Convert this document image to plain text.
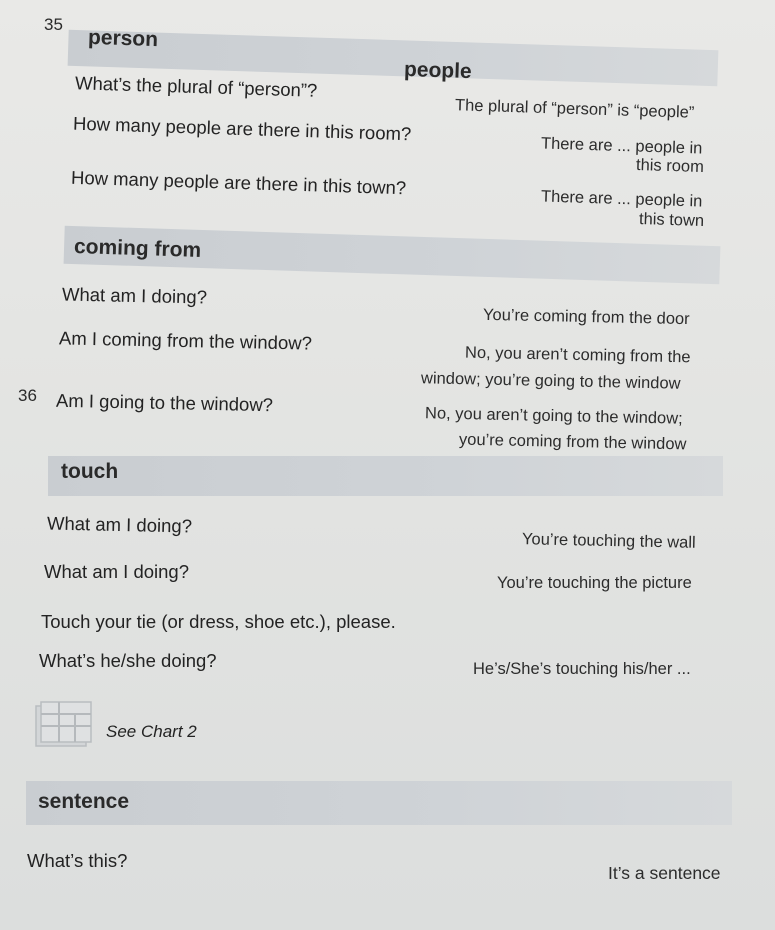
35
person
people
What’s the plural of “person”?
The plural of “person” is “people”
How many people are there in this room?
There are ... people in
this room
How many people are there in this town?
There are ... people in
this town
coming from
What am I doing?
You’re coming from the door
Am I coming from the window?
No, you aren’t coming from the
window; you’re going to the window
36 Am I going to the window?
No, you aren’t going to the window;
you’re coming from the window
touch
What am I doing?
You’re touching the wall
What am I doing?
You’re touching the picture
Touch your tie (or dress, shoe etc.), please.
What’s he/she doing?	He’s/She’s touching his/her ...
See Chart 2
sentence
What’s this?
It’s a sentence
